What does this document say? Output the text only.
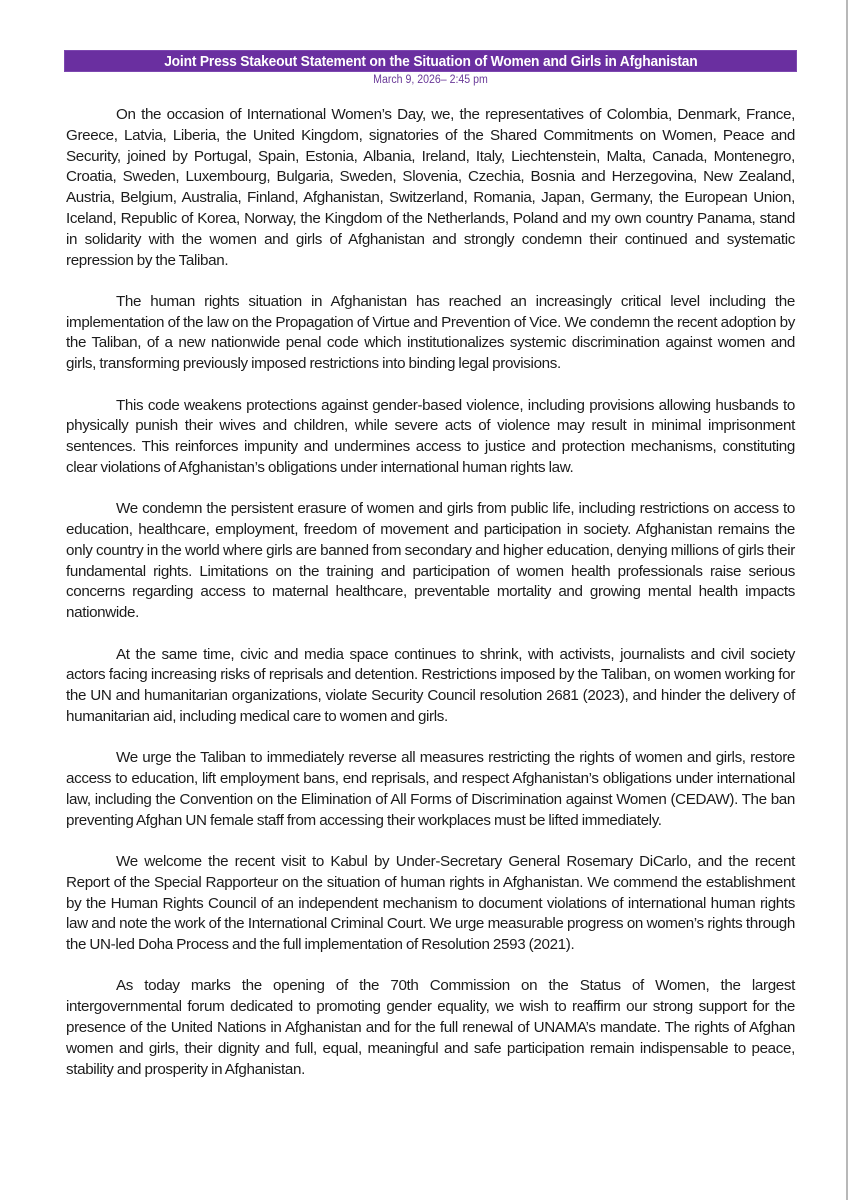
Joint Press Stakeout Statement on the Situation of Women and Girls in Afghanistan
March 9, 2026– 2:45 pm

On the occasion of International Women’s Day, we, the representatives of Colombia, Denmark, France, Greece, Latvia, Liberia, the United Kingdom, signatories of the Shared Commitments on Women, Peace and Security, joined by Portugal, Spain, Estonia, Albania, Ireland, Italy, Liechtenstein, Malta, Canada, Montenegro, Croatia, Sweden, Luxembourg, Bulgaria, Sweden, Slovenia, Czechia, Bosnia and Herzegovina, New Zealand, Austria, Belgium, Australia, Finland, Afghanistan, Switzerland, Romania, Japan, Germany, the European Union, Iceland, Republic of Korea, Norway, the Kingdom of the Netherlands, Poland and my own country Panama, stand in solidarity with the women and girls of Afghanistan and strongly condemn their continued and systematic repression by the Taliban.

The human rights situation in Afghanistan has reached an increasingly critical level including the implementation of the law on the Propagation of Virtue and Prevention of Vice. We condemn the recent adoption by the Taliban, of a new nationwide penal code which institutionalizes systemic discrimination against women and girls, transforming previously imposed restrictions into binding legal provisions.

This code weakens protections against gender-based violence, including provisions allowing husbands to physically punish their wives and children, while severe acts of violence may result in minimal imprisonment sentences. This reinforces impunity and undermines access to justice and protection mechanisms, constituting clear violations of Afghanistan’s obligations under international human rights law.

We condemn the persistent erasure of women and girls from public life, including restrictions on access to education, healthcare, employment, freedom of movement and participation in society. Afghanistan remains the only country in the world where girls are banned from secondary and higher education, denying millions of girls their fundamental rights. Limitations on the training and participation of women health professionals raise serious concerns regarding access to maternal healthcare, preventable mortality and growing mental health impacts nationwide.

At the same time, civic and media space continues to shrink, with activists, journalists and civil society actors facing increasing risks of reprisals and detention. Restrictions imposed by the Taliban, on women working for the UN and humanitarian organizations, violate Security Council resolution 2681 (2023), and hinder the delivery of humanitarian aid, including medical care to women and girls.

We urge the Taliban to immediately reverse all measures restricting the rights of women and girls, restore access to education, lift employment bans, end reprisals, and respect Afghanistan’s obligations under international law, including the Convention on the Elimination of All Forms of Discrimination against Women (CEDAW). The ban preventing Afghan UN female staff from accessing their workplaces must be lifted immediately.

We welcome the recent visit to Kabul by Under-Secretary General Rosemary DiCarlo, and the recent Report of the Special Rapporteur on the situation of human rights in Afghanistan. We commend the establishment by the Human Rights Council of an independent mechanism to document violations of international human rights law and note the work of the International Criminal Court. We urge measurable progress on women’s rights through the UN-led Doha Process and the full implementation of Resolution 2593 (2021).

As today marks the opening of the 70th Commission on the Status of Women, the largest intergovernmental forum dedicated to promoting gender equality, we wish to reaffirm our strong support for the presence of the United Nations in Afghanistan and for the full renewal of UNAMA’s mandate. The rights of Afghan women and girls, their dignity and full, equal, meaningful and safe participation remain indispensable to peace, stability and prosperity in Afghanistan.
